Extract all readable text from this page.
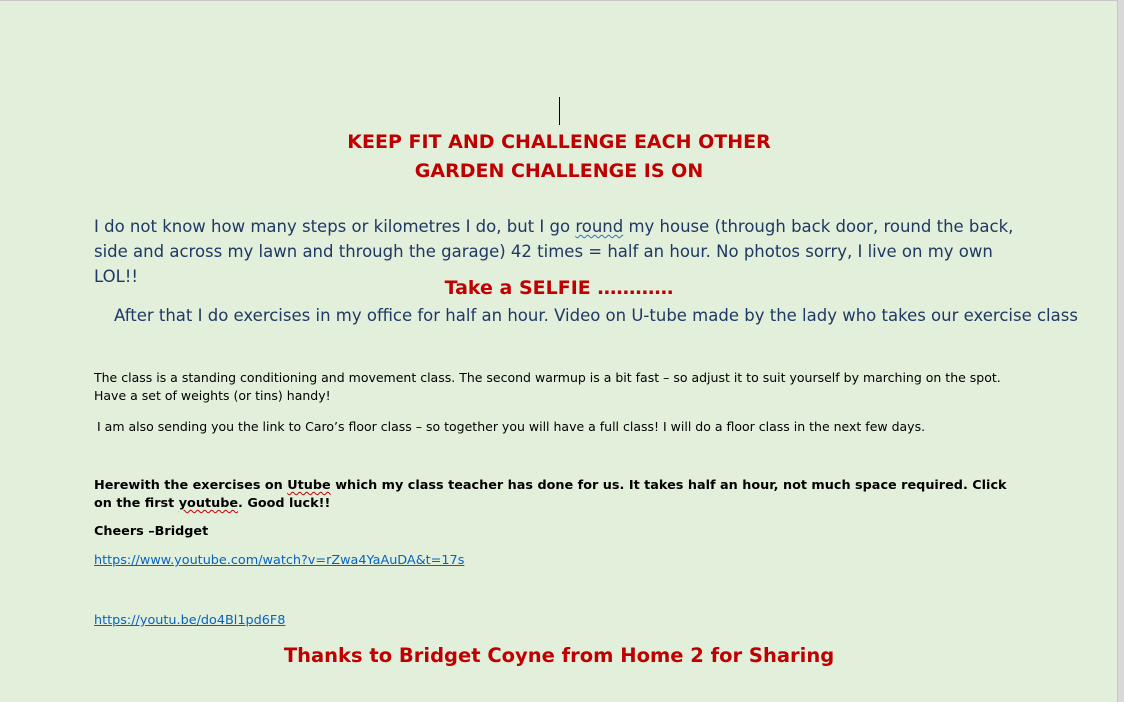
KEEP FIT AND CHALLENGE EACH OTHER

GARDEN CHALLENGE IS ON

I do not know how many steps or kilometres I do, but I go round my house (through back door, round the back, side and across my lawn and through the garage) 42 times = half an hour. No photos sorry, I live on my own LOL!!

Take a SELFIE …………

After that I do exercises in my office for half an hour. Video on U-tube made by the lady who takes our exercise class

The class is a standing conditioning and movement class. The second warmup is a bit fast – so adjust it to suit yourself by marching on the spot. Have a set of weights (or tins) handy!

I am also sending you the link to Caro’s floor class – so together you will have a full class! I will do a floor class in the next few days.

Herewith the exercises on Utube which my class teacher has done for us. It takes half an hour, not much space required. Click on the first youtube. Good luck!!

Cheers –Bridget

https://www.youtube.com/watch?v=rZwa4YaAuDA&t=17s
https://youtu.be/do4Bl1pd6F8

Thanks to Bridget Coyne from Home 2 for Sharing
